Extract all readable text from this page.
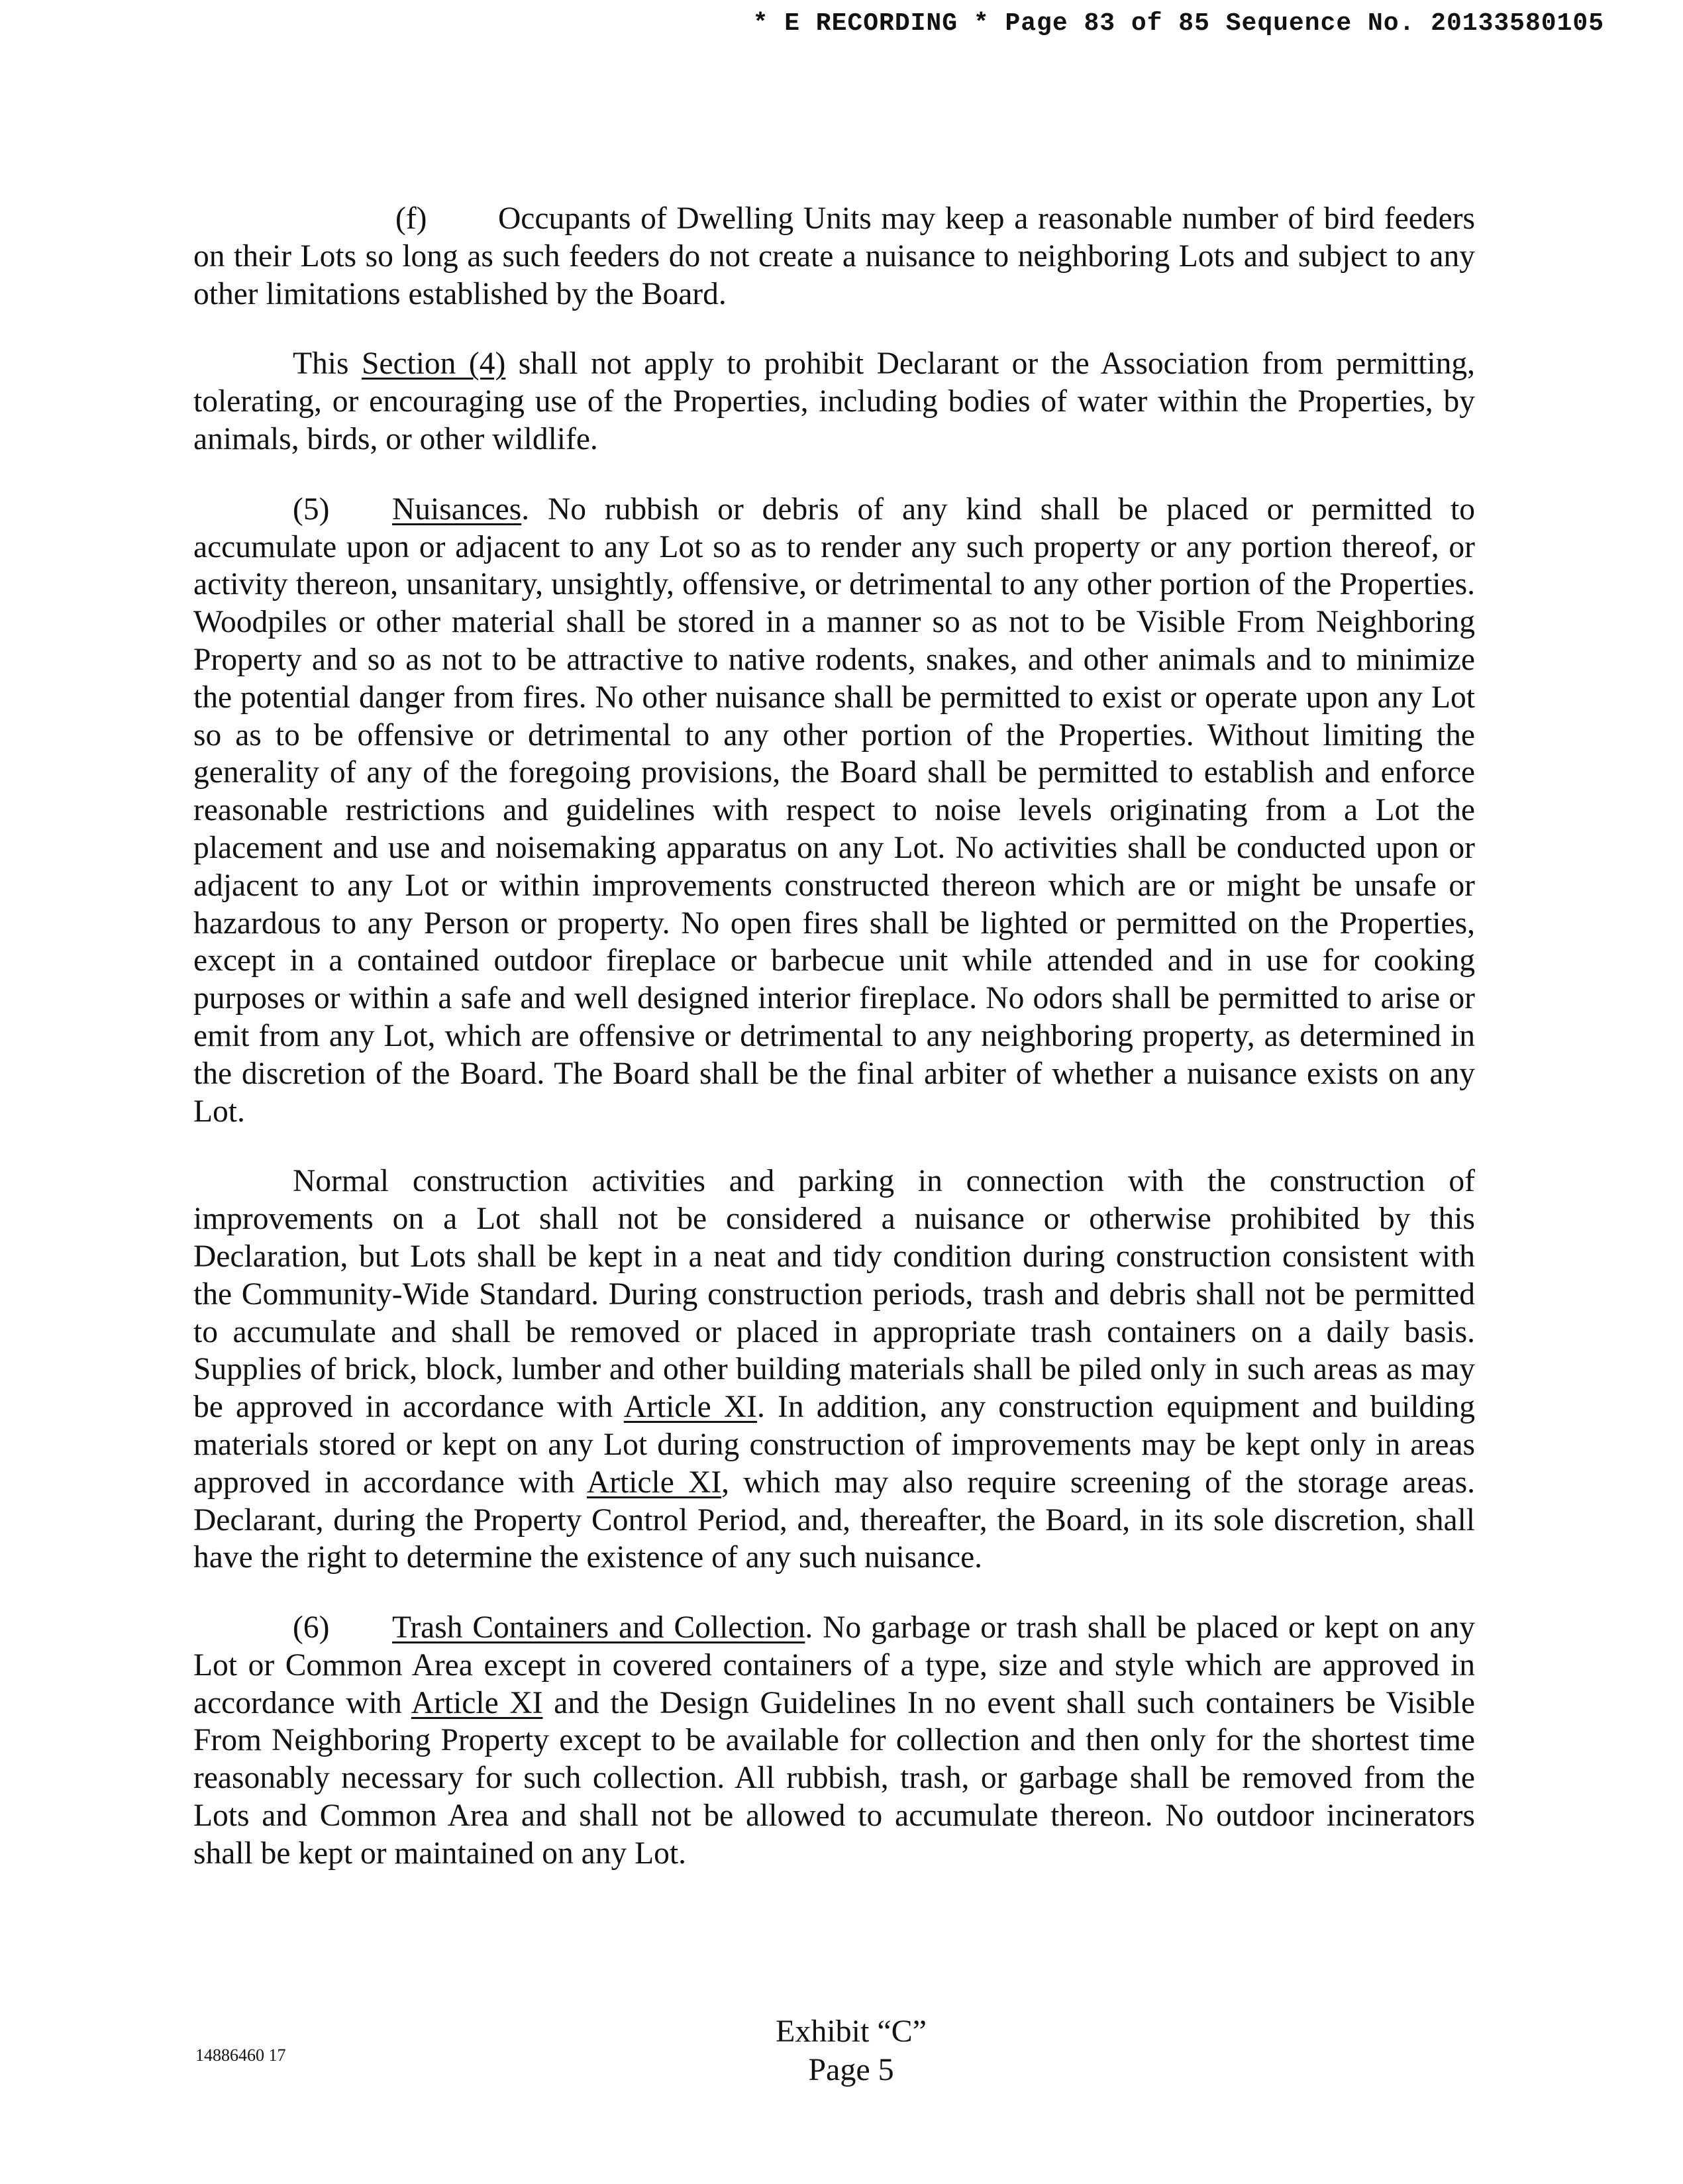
* E RECORDING * Page 83 of 85 Sequence No. 20133580105

(f) Occupants of Dwelling Units may keep a reasonable number of bird feeders on their Lots so long as such feeders do not create a nuisance to neighboring Lots and subject to any other limitations established by the Board.

This Section (4) shall not apply to prohibit Declarant or the Association from permitting, tolerating, or encouraging use of the Properties, including bodies of water within the Properties, by animals, birds, or other wildlife.

(5) Nuisances. No rubbish or debris of any kind shall be placed or permitted to accumulate upon or adjacent to any Lot so as to render any such property or any portion thereof, or activity thereon, unsanitary, unsightly, offensive, or detrimental to any other portion of the Properties. Woodpiles or other material shall be stored in a manner so as not to be Visible From Neighboring Property and so as not to be attractive to native rodents, snakes, and other animals and to minimize the potential danger from fires. No other nuisance shall be permitted to exist or operate upon any Lot so as to be offensive or detrimental to any other portion of the Properties. Without limiting the generality of any of the foregoing provisions, the Board shall be permitted to establish and enforce reasonable restrictions and guidelines with respect to noise levels originating from a Lot the placement and use and noisemaking apparatus on any Lot. No activities shall be conducted upon or adjacent to any Lot or within improvements constructed thereon which are or might be unsafe or hazardous to any Person or property. No open fires shall be lighted or permitted on the Properties, except in a contained outdoor fireplace or barbecue unit while attended and in use for cooking purposes or within a safe and well designed interior fireplace. No odors shall be permitted to arise or emit from any Lot, which are offensive or detrimental to any neighboring property, as determined in the discretion of the Board. The Board shall be the final arbiter of whether a nuisance exists on any Lot.

Normal construction activities and parking in connection with the construction of improvements on a Lot shall not be considered a nuisance or otherwise prohibited by this Declaration, but Lots shall be kept in a neat and tidy condition during construction consistent with the Community-Wide Standard. During construction periods, trash and debris shall not be permitted to accumulate and shall be removed or placed in appropriate trash containers on a daily basis. Supplies of brick, block, lumber and other building materials shall be piled only in such areas as may be approved in accordance with Article XI. In addition, any construction equipment and building materials stored or kept on any Lot during construction of improvements may be kept only in areas approved in accordance with Article XI, which may also require screening of the storage areas. Declarant, during the Property Control Period, and, thereafter, the Board, in its sole discretion, shall have the right to determine the existence of any such nuisance.

(6) Trash Containers and Collection. No garbage or trash shall be placed or kept on any Lot or Common Area except in covered containers of a type, size and style which are approved in accordance with Article XI and the Design Guidelines In no event shall such containers be Visible From Neighboring Property except to be available for collection and then only for the shortest time reasonably necessary for such collection. All rubbish, trash, or garbage shall be removed from the Lots and Common Area and shall not be allowed to accumulate thereon. No outdoor incinerators shall be kept or maintained on any Lot.

14886460 17
Exhibit “C”
Page 5
